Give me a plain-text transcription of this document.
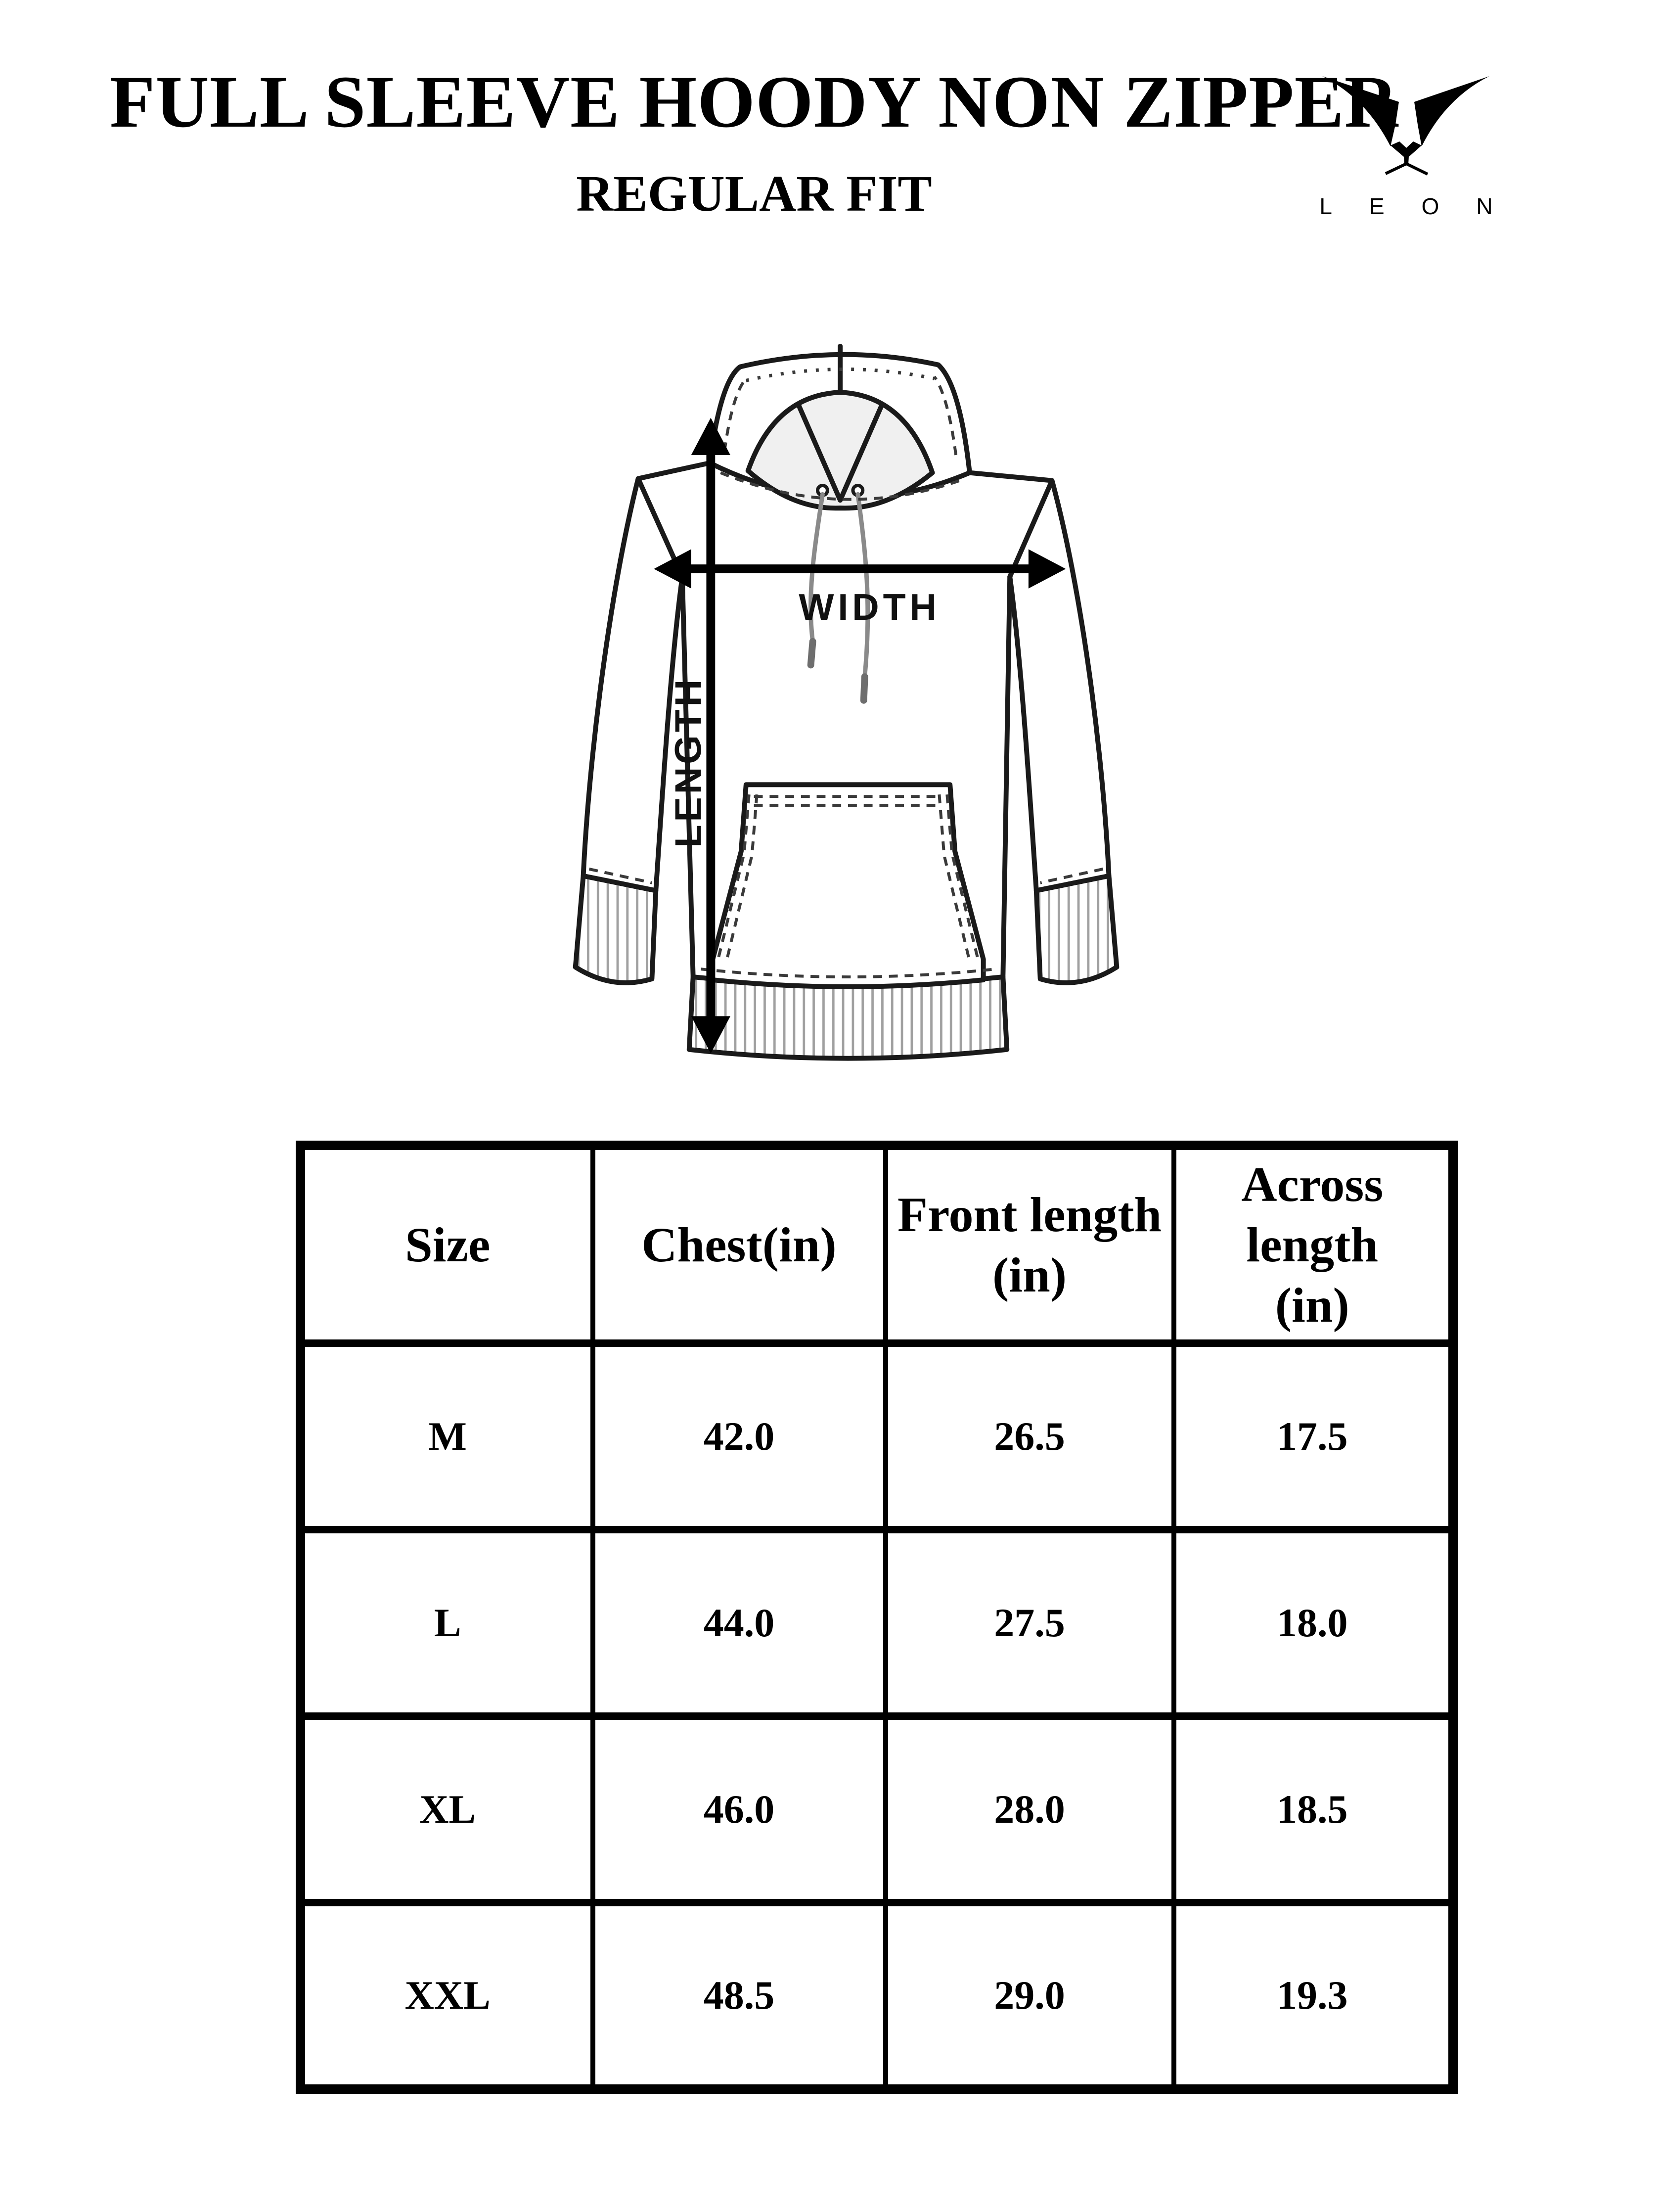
FULL SLEEVE HOODY NON ZIPPER
REGULAR FIT	LEON
WIDTH
LENGTH
Size	Chest(in)	Front length (in)	Across length (in)
M	42.0	26.5	17.5
L	44.0	27.5	18.0
XL	46.0	28.0	18.5
XXL	48.5	29.0	19.3
